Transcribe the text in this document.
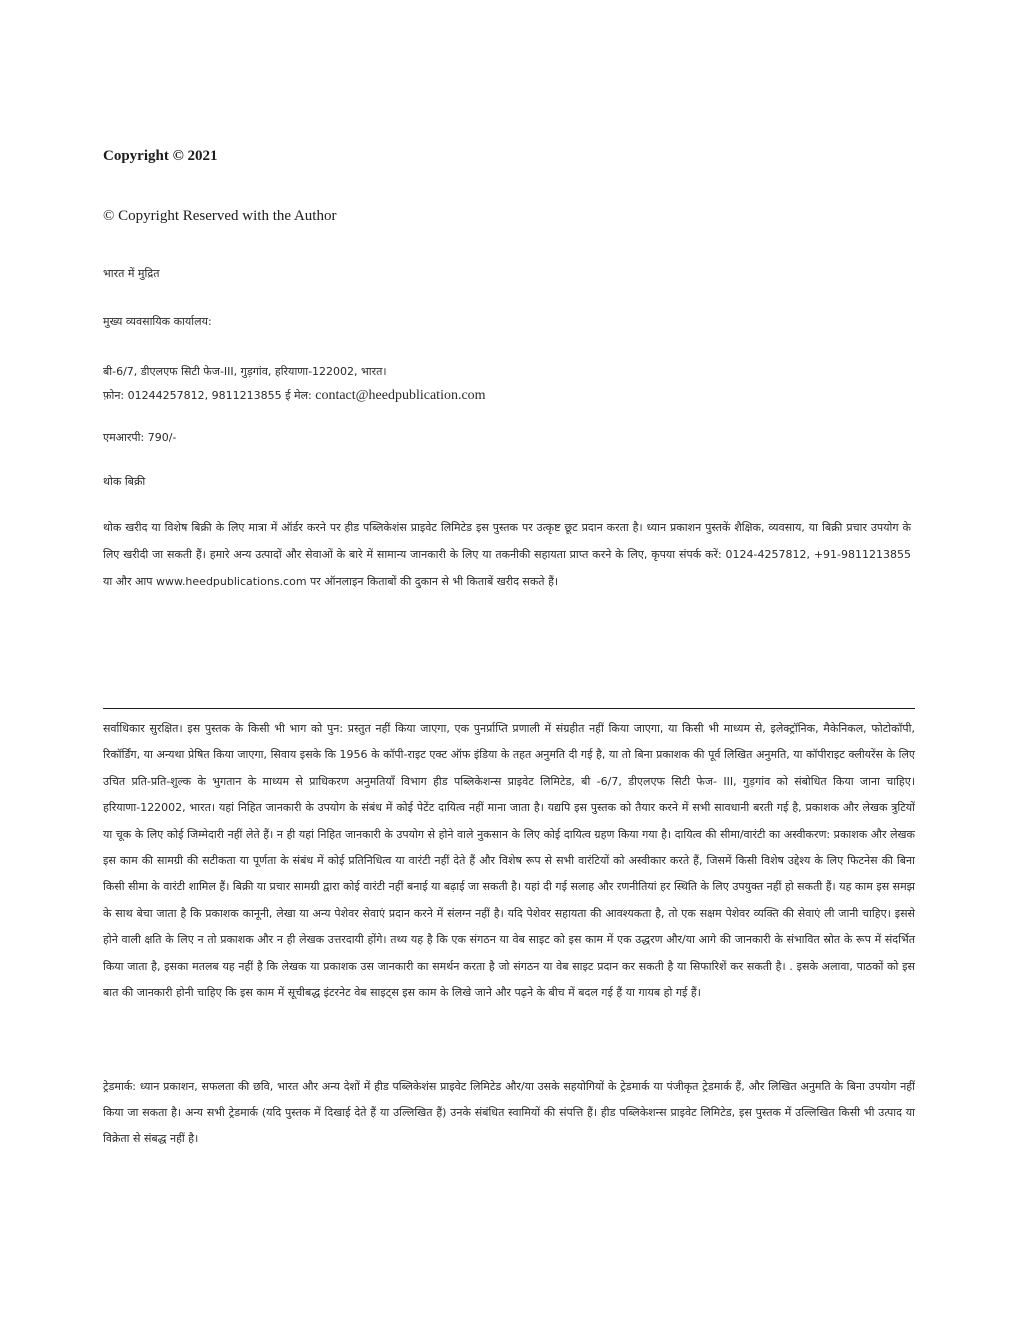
Copyright © 2021

© Copyright Reserved with the Author

भारत में मुद्रित

मुख्य व्यवसायिक कार्यालय:

बी-6/7, डीएलएफ सिटी फेज-III, गुड़गांव, हरियाणा-122002, भारत।
फ़ोन: 01244257812, 9811213855 ई मेल: contact@heedpublication.com

एमआरपी: 790/-

थोक बिक्री

थोक खरीद या विशेष बिक्री के लिए मात्रा में ऑर्डर करने पर हीड पब्लिकेशंस प्राइवेट लिमिटेड इस पुस्तक पर उत्कृष्ट छूट प्रदान करता है। ध्यान प्रकाशन पुस्तकें शैक्षिक, व्यवसाय, या बिक्री प्रचार उपयोग के लिए खरीदी जा सकती हैं। हमारे अन्य उत्पादों और सेवाओं के बारे में सामान्य जानकारी के लिए या तकनीकी सहायता प्राप्त करने के लिए, कृपया संपर्क करें: 0124-4257812, +91-9811213855 या और आप www.heedpublications.com पर ऑनलाइन किताबों की दुकान से भी किताबें खरीद सकते हैं।

सर्वाधिकार सुरक्षित। इस पुस्तक के किसी भी भाग को पुन: प्रस्तुत नहीं किया जाएगा, एक पुनर्प्राप्ति प्रणाली में संग्रहीत नहीं किया जाएगा, या किसी भी माध्यम से, इलेक्ट्रॉनिक, मैकेनिकल, फोटोकॉपी, रिकॉर्डिंग, या अन्यथा प्रेषित किया जाएगा, सिवाय इसके कि 1956 के कॉपी-राइट एक्ट ऑफ इंडिया के तहत अनुमति दी गई है, या तो बिना प्रकाशक की पूर्व लिखित अनुमति, या कॉपीराइट क्लीयरेंस के लिए उचित प्रति-प्रति-शुल्क के भुगतान के माध्यम से प्राधिकरण अनुमतियाँ विभाग हीड पब्लिकेशन्स प्राइवेट लिमिटेड, बी -6/7, डीएलएफ सिटी फेज- III, गुड़गांव को संबोधित किया जाना चाहिए। हरियाणा-122002, भारत। यहां निहित जानकारी के उपयोग के संबंध में कोई पेटेंट दायित्व नहीं माना जाता है। यद्यपि इस पुस्तक को तैयार करने में सभी सावधानी बरती गई है, प्रकाशक और लेखक त्रुटियों या चूक के लिए कोई जिम्मेदारी नहीं लेते हैं। न ही यहां निहित जानकारी के उपयोग से होने वाले नुकसान के लिए कोई दायित्व ग्रहण किया गया है। दायित्व की सीमा/वारंटी का अस्वीकरण: प्रकाशक और लेखक इस काम की सामग्री की सटीकता या पूर्णता के संबंध में कोई प्रतिनिधित्व या वारंटी नहीं देते हैं और विशेष रूप से सभी वारंटियों को अस्वीकार करते हैं, जिसमें किसी विशेष उद्देश्य के लिए फिटनेस की बिना किसी सीमा के वारंटी शामिल हैं। बिक्री या प्रचार सामग्री द्वारा कोई वारंटी नहीं बनाई या बढ़ाई जा सकती है। यहां दी गई सलाह और रणनीतियां हर स्थिति के लिए उपयुक्त नहीं हो सकती हैं। यह काम इस समझ के साथ बेचा जाता है कि प्रकाशक कानूनी, लेखा या अन्य पेशेवर सेवाएं प्रदान करने में संलग्न नहीं है। यदि पेशेवर सहायता की आवश्यकता है, तो एक सक्षम पेशेवर व्यक्ति की सेवाएं ली जानी चाहिए। इससे होने वाली क्षति के लिए न तो प्रकाशक और न ही लेखक उत्तरदायी होंगे। तथ्य यह है कि एक संगठन या वेब साइट को इस काम में एक उद्धरण और/या आगे की जानकारी के संभावित स्रोत के रूप में संदर्भित किया जाता है, इसका मतलब यह नहीं है कि लेखक या प्रकाशक उस जानकारी का समर्थन करता है जो संगठन या वेब साइट प्रदान कर सकती है या सिफारिशें कर सकती है। . इसके अलावा, पाठकों को इस बात की जानकारी होनी चाहिए कि इस काम में सूचीबद्ध इंटरनेट वेब साइट्स इस काम के लिखे जाने और पढ़ने के बीच में बदल गई हैं या गायब हो गई हैं।

ट्रेडमार्क: ध्यान प्रकाशन, सफलता की छवि, भारत और अन्य देशों में हीड पब्लिकेशंस प्राइवेट लिमिटेड और/या उसके सहयोगियों के ट्रेडमार्क या पंजीकृत ट्रेडमार्क हैं, और लिखित अनुमति के बिना उपयोग नहीं किया जा सकता है। अन्य सभी ट्रेडमार्क (यदि पुस्तक में दिखाई देते हैं या उल्लिखित हैं) उनके संबंधित स्वामियों की संपत्ति हैं। हीड पब्लिकेशन्स प्राइवेट लिमिटेड, इस पुस्तक में उल्लिखित किसी भी उत्पाद या विक्रेता से संबद्ध नहीं है।
